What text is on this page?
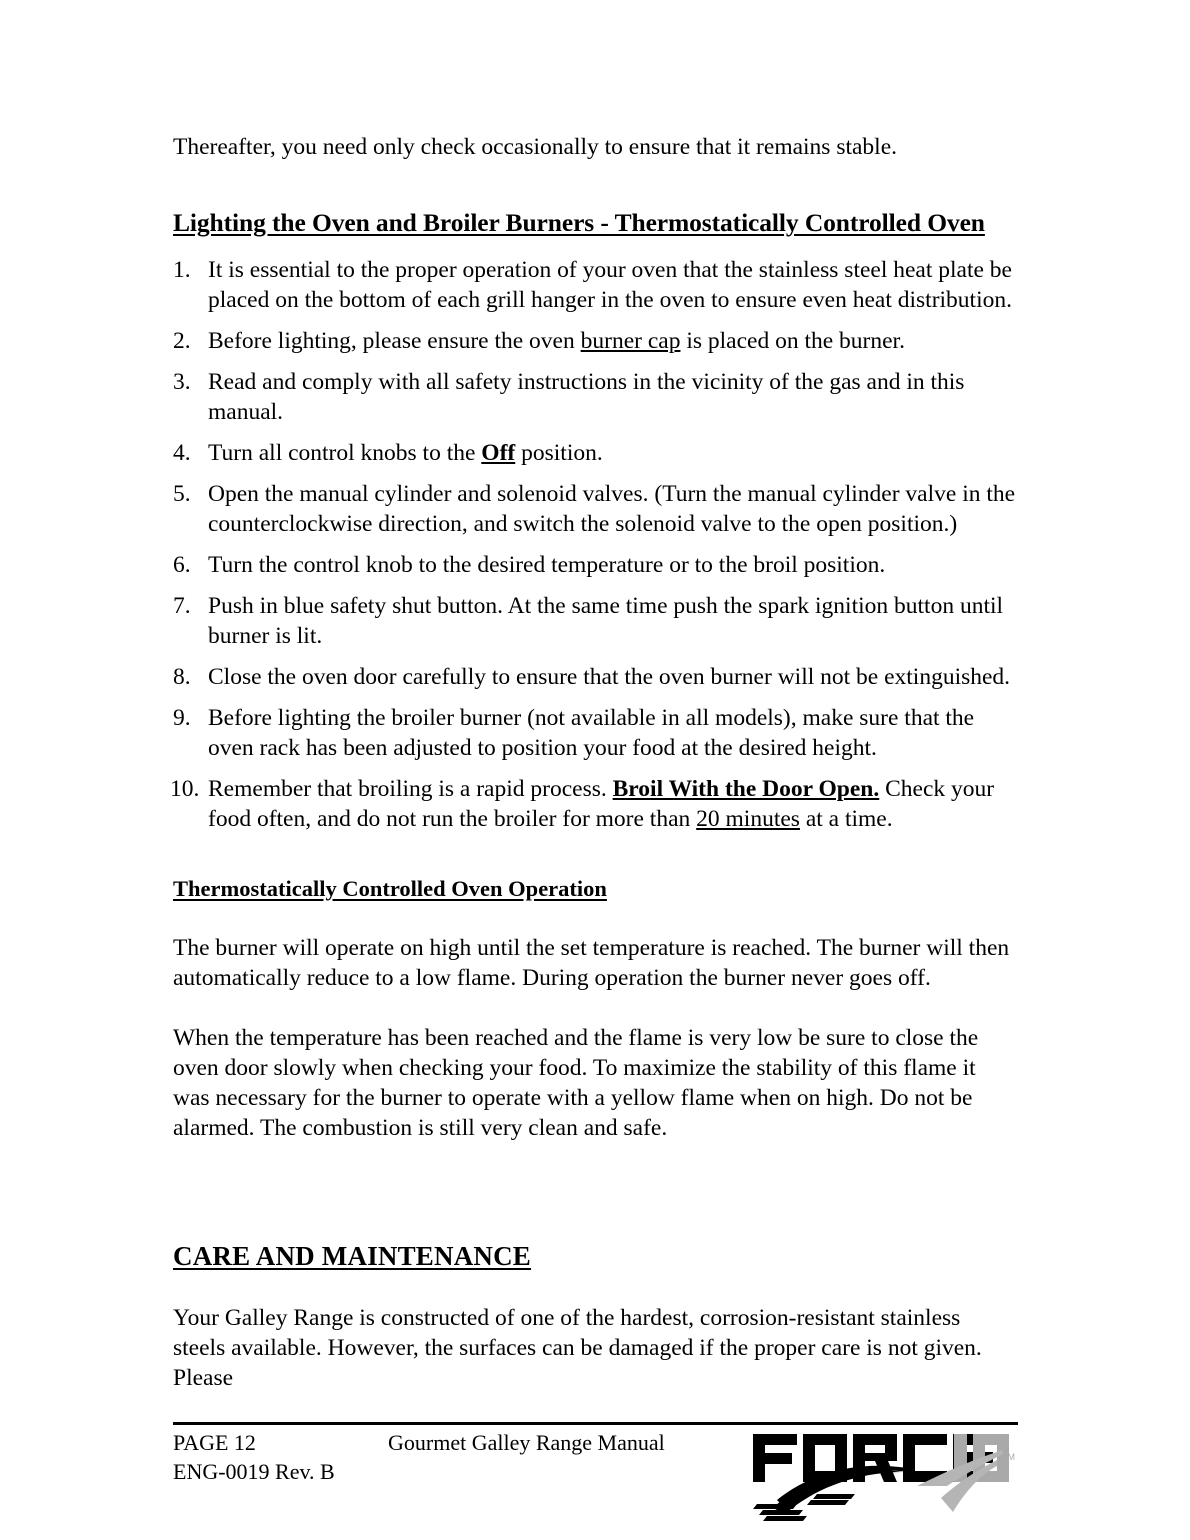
Thereafter, you need only check occasionally to ensure that it remains stable.

Lighting the Oven and Broiler Burners - Thermostatically Controlled Oven
1. It is essential to the proper operation of your oven that the stainless steel heat plate be placed on the bottom of each grill hanger in the oven to ensure even heat distribution.
2. Before lighting, please ensure the oven burner cap is placed on the burner.
3. Read and comply with all safety instructions in the vicinity of the gas and in this manual.
4. Turn all control knobs to the Off position.
5. Open the manual cylinder and solenoid valves. (Turn the manual cylinder valve in the counterclockwise direction, and switch the solenoid valve to the open position.)
6. Turn the control knob to the desired temperature or to the broil position.
7. Push in blue safety shut button. At the same time push the spark ignition button until burner is lit.
8. Close the oven door carefully to ensure that the oven burner will not be extinguished.
9. Before lighting the broiler burner (not available in all models), make sure that the oven rack has been adjusted to position your food at the desired height.
10. Remember that broiling is a rapid process. Broil With the Door Open. Check your food often, and do not run the broiler for more than 20 minutes at a time.
Thermostatically Controlled Oven Operation

The burner will operate on high until the set temperature is reached. The burner will then automatically reduce to a low flame. During operation the burner never goes off.

When the temperature has been reached and the flame is very low be sure to close the oven door slowly when checking your food. To maximize the stability of this flame it was necessary for the burner to operate with a yellow flame when on high. Do not be alarmed. The combustion is still very clean and safe.

CARE AND MAINTENANCE

Your Galley Range is constructed of one of the hardest, corrosion-resistant stainless steels available. However, the surfaces can be damaged if the proper care is not given. Please

PAGE 12
ENG-0019 Rev. B
Gourmet Galley Range Manual
TM
